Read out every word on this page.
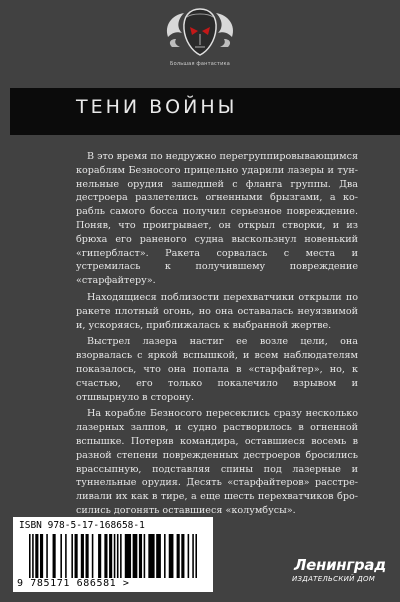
Большая фантастика
ТЕНИ ВОЙНЫ

В это время по недружно перегруппировывающимся кораблям Безносого прицельно ударили лазеры и туннельные орудия зашедшей с фланга группы. Два дестроера разлетелись огненными брызгами, а корабль самого босса получил серьезное повреждение. Поняв, что проигрывает, он открыл створки, и из брюха его раненого судна выскользнул новенький «гипербласт». Ракета сорвалась с места и устремилась к получившему повреждение «старфайтеру».

Находящиеся поблизости перехватчики открыли по ракете плотный огонь, но она оставалась неуязвимой и, ускоряясь, приближалась к выбранной жертве.

Выстрел лазера настиг ее возле цели, она взорвалась с яркой вспышкой, и всем наблюдателям показалось, что она попала в «старфайтер», но, к счастью, его только покалечило взрывом и отшвырнуло в сторону.

На корабле Безносого пересеклись сразу несколько лазерных залпов, и судно растворилось в огненной вспышке. Потеряв командира, оставшиеся восемь в разной степени поврежденных дестроеров бросились врассыпную, подставляя спины под лазерные и туннельные орудия. Десять «старфайтеров» расстреливали их как в тире, а еще шесть перехватчиков бросились догонять оставшиеся «колумбусы».

ISBN 978-5-17-168658-1
9 785171 686581 >
Ленинград
ИЗДАТЕЛЬСКИЙ ДОМ
